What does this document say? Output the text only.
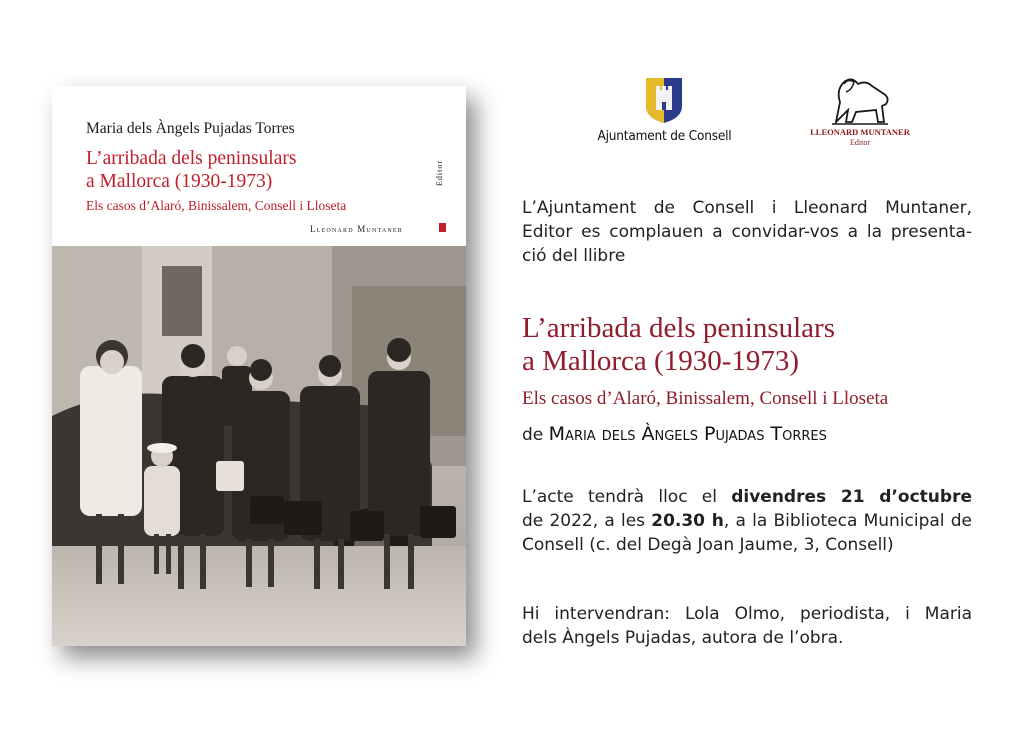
Maria dels Àngels Pujadas Torres
L’arribada dels peninsulars
a Mallorca (1930-1973)
Els casos d’Alaró, Binissalem, Consell i Lloseta
Lleonard Muntaner
Editor
Ajuntament de Consell	LLEONARD MUNTANER
Editor
L’Ajuntament de Consell i Lleonard Muntaner,
Editor es complauen a convidar-vos a la presenta-
ció del llibre
L’arribada dels peninsulars
a Mallorca (1930-1973)
Els casos d’Alaró, Binissalem, Consell i Lloseta
de Maria dels Àngels Pujadas Torres
L’acte tendrà lloc el divendres 21 d’octubre
de 2022, a les 20.30 h, a la Biblioteca Municipal de
Consell (c. del Degà Joan Jaume, 3, Consell)
Hi intervendran: Lola Olmo, periodista, i Maria
dels Àngels Pujadas, autora de l’obra.
